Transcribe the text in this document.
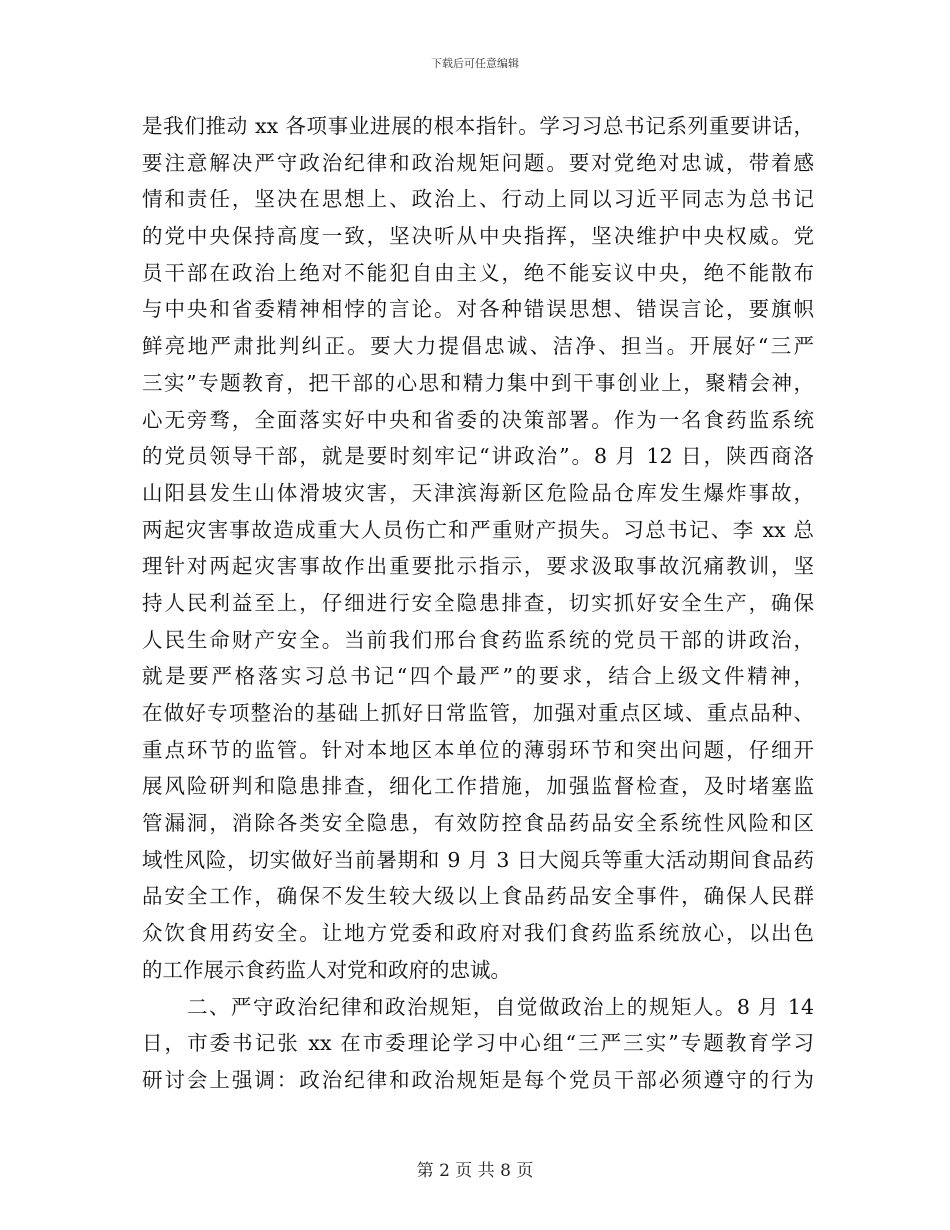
下载后可任意编辑
是我们推动 xx 各项事业进展的根本指针。学习习总书记系列重要讲话，
要注意解决严守政治纪律和政治规矩问题。要对党绝对忠诚，带着感
情和责任，坚决在思想上、政治上、行动上同以习近平同志为总书记
的党中央保持高度一致，坚决听从中央指挥，坚决维护中央权威。党
员干部在政治上绝对不能犯自由主义，绝不能妄议中央，绝不能散布
与中央和省委精神相悖的言论。对各种错误思想、错误言论，要旗帜
鲜亮地严肃批判纠正。要大力提倡忠诚、洁净、担当。开展好“三严
三实”专题教育，把干部的心思和精力集中到干事创业上，聚精会神，
心无旁骛，全面落实好中央和省委的决策部署。作为一名食药监系统
的党员领导干部，就是要时刻牢记“讲政治”。8 月 12 日，陕西商洛
山阳县发生山体滑坡灾害，天津滨海新区危险品仓库发生爆炸事故，
两起灾害事故造成重大人员伤亡和严重财产损失。习总书记、李 xx 总
理针对两起灾害事故作出重要批示指示，要求汲取事故沉痛教训，坚
持人民利益至上，仔细进行安全隐患排查，切实抓好安全生产，确保
人民生命财产安全。当前我们邢台食药监系统的党员干部的讲政治，
就是要严格落实习总书记“四个最严”的要求，结合上级文件精神，
在做好专项整治的基础上抓好日常监管，加强对重点区域、重点品种、
重点环节的监管。针对本地区本单位的薄弱环节和突出问题，仔细开
展风险研判和隐患排查，细化工作措施，加强监督检查，及时堵塞监
管漏洞，消除各类安全隐患，有效防控食品药品安全系统性风险和区
域性风险，切实做好当前暑期和 9 月 3 日大阅兵等重大活动期间食品药
品安全工作，确保不发生较大级以上食品药品安全事件，确保人民群
众饮食用药安全。让地方党委和政府对我们食药监系统放心，以出色
的工作展示食药监人对党和政府的忠诚。
二、严守政治纪律和政治规矩，自觉做政治上的规矩人。8 月 14
日，市委书记张 xx 在市委理论学习中心组“三严三实”专题教育学习
研讨会上强调：政治纪律和政治规矩是每个党员干部必须遵守的行为
第 2 页 共 8 页
